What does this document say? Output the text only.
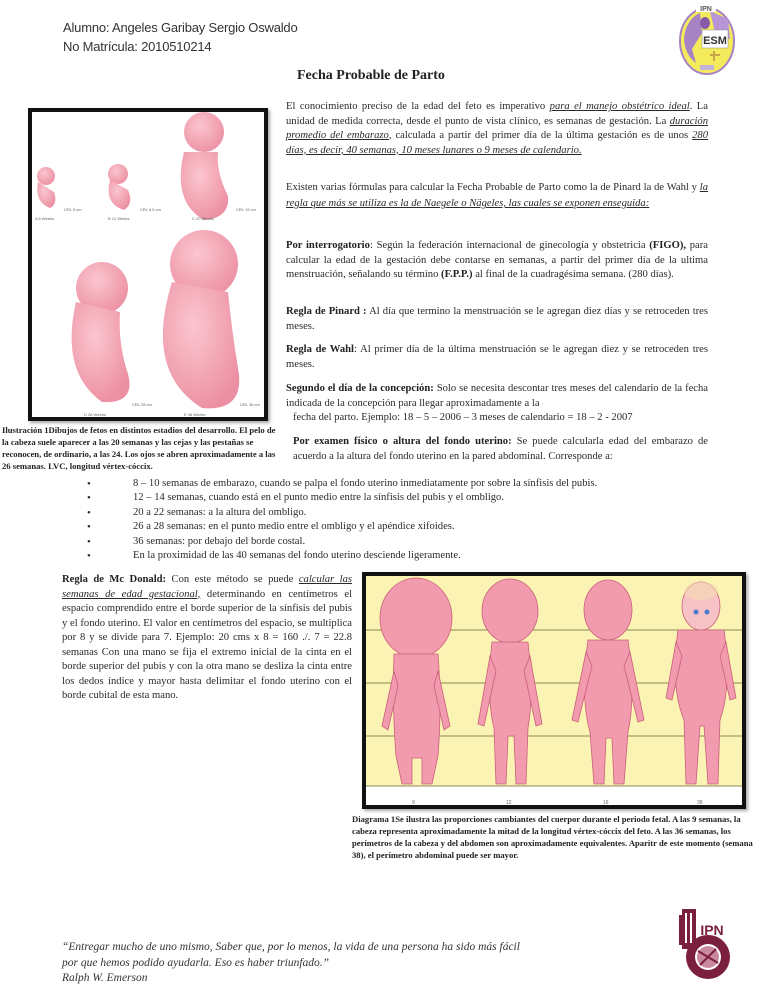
Alumno: Angeles Garibay Sergio Oswaldo
No Matrícula: 2010510214	ESM
IPN
Fecha Probable de Parto
CRL 5 cm
A 8 Weeks
CRL 6.5 cm
B 12 Weeks
CRL 19 cm
C 20 Weeks
CRL 28 cm
D 28 Weeks
CRL 36 cm
E 36 Weeks
Ilustración 1Dibujos de fetos en distintos estadios del desarrollo. El pelo de la cabeza suele aparecer a las 20 semanas y las cejas y las pestañas se reconocen, de ordinario, a las 24. Los ojos se abren aproximadamente a las 26 semanas. LVC, longitud vértex-cóccix.
El conocimiento preciso de la edad del feto es imperativo para el manejo obstétrico ideal. La unidad de medida correcta, desde el punto de vista clínico, es semanas de gestación. La duración promedio del embarazo, calculada a partir del primer día de la última gestación es de unos 280 días, es decir, 40 semanas, 10 meses lunares o 9 meses de calendario.
Existen varias fórmulas para calcular la Fecha Probable de Parto como la de Pinard la de Wahl y la regla que más se utiliza es la de Naegele o Nägeles, las cuales se exponen enseguida:
Por interrogatorio: Según la federación internacional de ginecología y obstetricia (FIGO), para calcular la edad de la gestación debe contarse en semanas, a partir del primer día de la ultima menstruación, señalando su término (F.P.P.) al final de la cuadragésima semana. (280 días).
Regla de Pinard : Al día que termino la menstruación se le agregan diez días y se retroceden tres meses.
Regla de Wahl: Al primer día de la última menstruación se le agregan diez y se retroceden tres meses.
Segundo el día de la concepción: Solo se necesita descontar tres meses del calendario de la fecha indicada de la concepción para llegar aproximadamente a la
fecha del parto. Ejemplo: 18 – 5 – 2006 – 3 meses de calendario = 18 – 2 - 2007
Por examen físico o altura del fondo uterino: Se puede calcularla edad del embarazo de acuerdo a la altura del fondo uterino en la pared abdominal. Corresponde a:
• 8 – 10 semanas de embarazo, cuando se palpa el fondo uterino inmediatamente por sobre la sínfisis del pubis.
• 12 – 14 semanas, cuando está en el punto medio entre la sínfisis del pubis y el ombligo.
• 20 a 22 semanas: a la altura del ombligo.
• 26 a 28 semanas: en el punto medio entre el ombligo y el apéndice xifoides.
• 36 semanas: por debajo del borde costal.
• En la proximidad de las 40 semanas del fondo uterino desciende ligeramente.
Regla de Mc Donald: Con este método se puede calcular las semanas de edad gestacional, determinando en centímetros el espacio comprendido entre el borde superior de la sínfisis del pubis y el fondo uterino. El valor en centímetros del espacio, se multiplica por 8 y se divide para 7. Ejemplo: 20 cms x 8 = 160 ./. 7 = 22.8 semanas Con una mano se fija el extremo inicial de la cinta en el borde superior del pubis y con la otra mano se desliza la cinta entre los dedos índice y mayor hasta delimitar el fondo uterino con el borde cubital de esta mano.
9	12	16	38
Diagrama 1Se ilustra las proporciones cambiantes del cuerpor durante el periodo fetal. A las 9 semanas, la cabeza representa aproximadamente la mitad de la longitud vértex-cóccix del feto. A las 36 semanas, los perímetros de la cabeza y del abdomen son aproximadamente equivalentes. Aparitr de este momento (semana 38), el perímetro abdominal puede ser mayor.
“Entregar mucho de uno mismo, Saber que, por lo menos, la vida de una persona ha sido más fácil
por que hemos podido ayudarla. Eso es haber triunfado.”
Ralph W. Emerson
IPN
